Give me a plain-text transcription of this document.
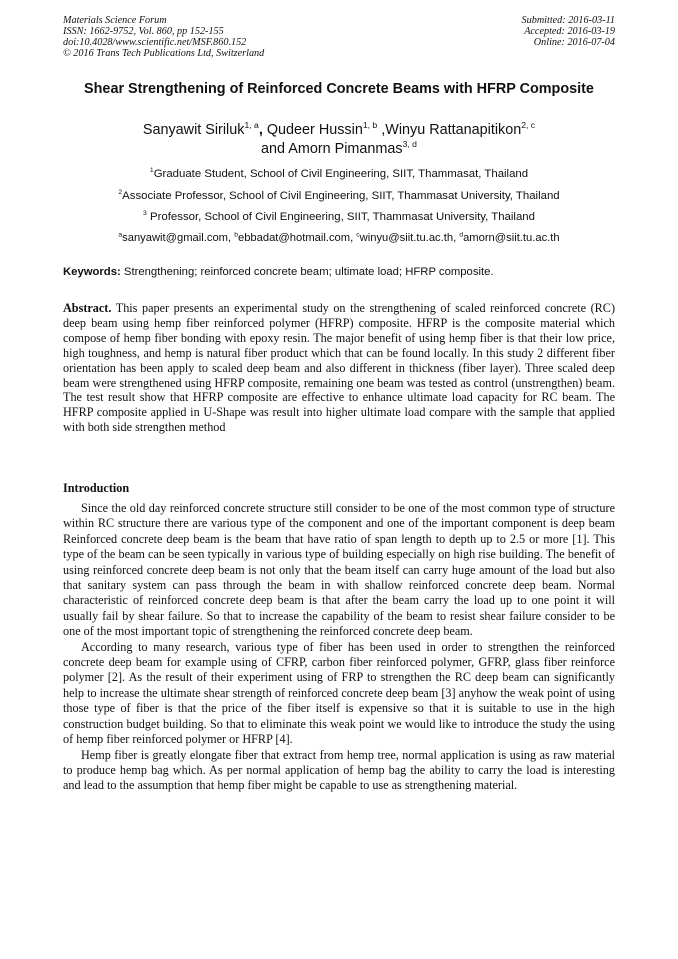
Materials Science Forum
ISSN: 1662-9752, Vol. 860, pp 152-155
doi:10.4028/www.scientific.net/MSF.860.152
© 2016 Trans Tech Publications Ltd, Switzerland
Submitted: 2016-03-11
Accepted: 2016-03-19
Online: 2016-07-04
Shear Strengthening of Reinforced Concrete Beams with HFRP Composite
Sanyawit Siriluk$^{1, a}$, Qudeer Hussin$^{1, b}$ ,Winyu Rattanapitikon$^{2, c}$
and Amorn Pimanmas$^{3, d}$
$^1$Graduate Student, School of Civil Engineering, SIIT, Thammasat, Thailand
$^2$Associate Professor, School of Civil Engineering, SIIT, Thammasat University, Thailand
$^3$ Professor, School of Civil Engineering, SIIT, Thammasat University, Thailand
$^a$sanyawit@gmail.com, $^b$ebbadat@hotmail.com, $^c$winyu@siit.tu.ac.th, $^d$amorn@siit.tu.ac.th
Keywords: Strengthening; reinforced concrete beam; ultimate load; HFRP composite.
Abstract. This paper presents an experimental study on the strengthening of scaled reinforced concrete (RC) deep beam using hemp fiber reinforced polymer (HFRP) composite. HFRP is the composite material which compose of hemp fiber bonding with epoxy resin. The major benefit of using hemp fiber is that their low price, high toughness, and hemp is natural fiber product which that can be found locally. In this study 2 different fiber orientation has been apply to scaled deep beam and also different in thickness (fiber layer). Three scaled deep beam were strengthened using HFRP composite, remaining one beam was tested as control (unstrengthen) beam. The test result show that HFRP composite are effective to enhance ultimate load capacity for RC beam. The HFRP composite applied in U-Shape was result into higher ultimate load compare with the sample that applied with both side strengthen method
Introduction

Since the old day reinforced concrete structure still consider to be one of the most common type of structure within RC structure there are various type of the component and one of the important component is deep beam Reinforced concrete deep beam is the beam that have ratio of span length to depth up to 2.5 or more [1]. This type of the beam can be seen typically in various type of building especially on high rise building. The benefit of using reinforced concrete deep beam is not only that the beam itself can carry huge amount of the load but also that sanitary system can pass through the beam in with shallow reinforced concrete deep beam. Normal characteristic of reinforced concrete deep beam is that after the beam carry the load up to one point it will usually fail by shear failure. So that to increase the capability of the beam to resist shear failure consider to be one of the most important topic of strengthening the reinforced concrete deep beam.

According to many research, various type of fiber has been used in order to strengthen the reinforced concrete deep beam for example using of CFRP, carbon fiber reinforced polymer, GFRP, glass fiber reinforce polymer [2]. As the result of their experiment using of FRP to strengthen the RC deep beam can significantly help to increase the ultimate shear strength of reinforced concrete deep beam [3] anyhow the weak point of using those type of fiber is that the price of the fiber itself is expensive so that it is suitable to use in the high construction budget building. So that to eliminate this weak point we would like to introduce the study the using of hemp fiber reinforced polymer or HFRP [4].

Hemp fiber is greatly elongate fiber that extract from hemp tree, normal application is using as raw material to produce hemp bag which. As per normal application of hemp bag the ability to carry the load is interesting and lead to the assumption that hemp fiber might be capable to use as strengthening material.
